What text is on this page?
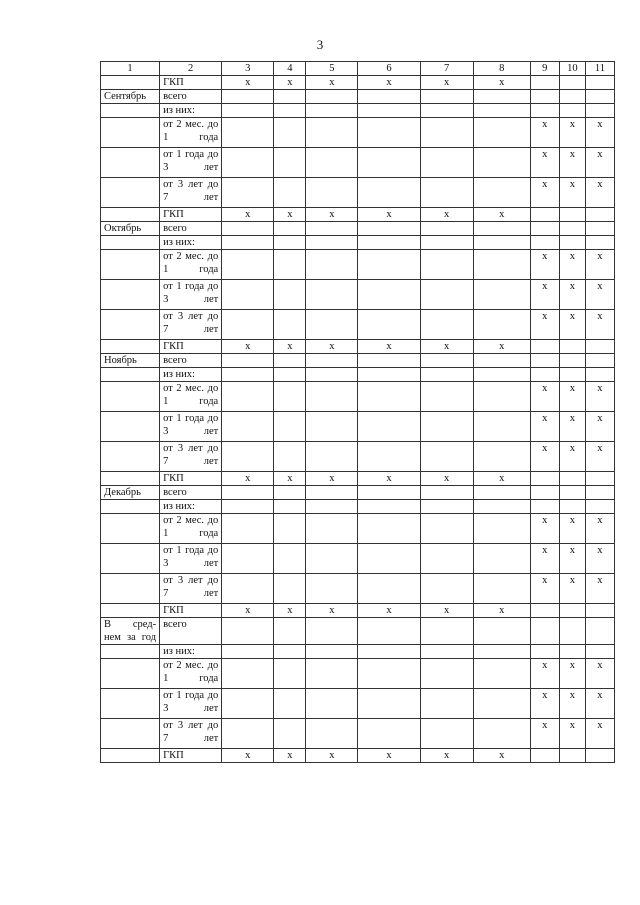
3
1	2	3	4	5	6	7	8	9	10	11
	ГКП	x	x	x	x	x	x			
Сентябрь	всего									
	из них:									
	от 2 мес. до 1 года							x	x	x
	от 1 года до 3 лет							x	x	x
	от 3 лет до 7 лет							x	x	x
	ГКП	x	x	x	x	x	x			
Октябрь	всего									
	из них:									
	от 2 мес. до 1 года							x	x	x
	от 1 года до 3 лет							x	x	x
	от 3 лет до 7 лет							x	x	x
	ГКП	x	x	x	x	x	x			
Ноябрь	всего									
	из них:									
	от 2 мес. до 1 года							x	x	x
	от 1 года до 3 лет							x	x	x
	от 3 лет до 7 лет							x	x	x
	ГКП	x	x	x	x	x	x			
Декабрь	всего									
	из них:									
	от 2 мес. до 1 года							x	x	x
	от 1 года до 3 лет							x	x	x
	от 3 лет до 7 лет							x	x	x
	ГКП	x	x	x	x	x	x			
В сред- нем за год	всего									
	из них:									
	от 2 мес. до 1 года							x	x	x
	от 1 года до 3 лет							x	x	x
	от 3 лет до 7 лет							x	x	x
	ГКП	x	x	x	x	x	x			
